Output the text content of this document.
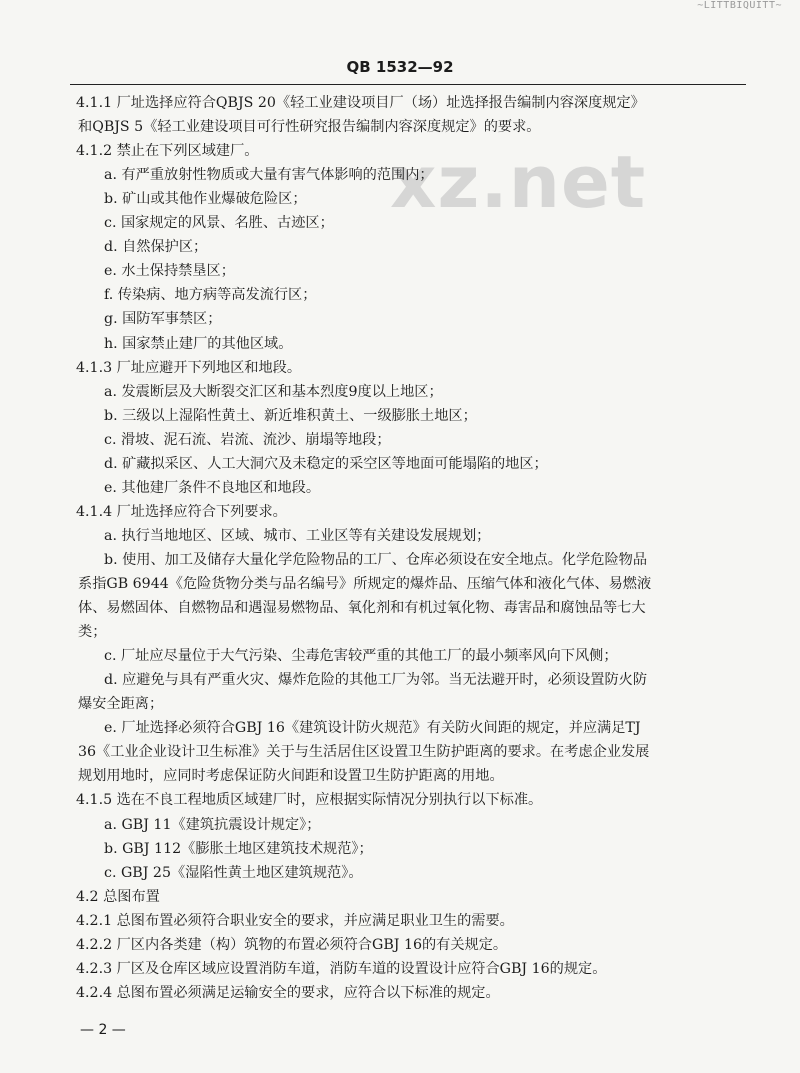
~LITTBIQUITT~
QB 1532—92
xz.net
4.1.1 厂址选择应符合QBJS 20《轻工业建设项目厂（场）址选择报告编制内容深度规定》
和QBJS 5《轻工业建设项目可行性研究报告编制内容深度规定》的要求。
4.1.2 禁止在下列区域建厂。
a. 有严重放射性物质或大量有害气体影响的范围内；
b. 矿山或其他作业爆破危险区；
c. 国家规定的风景、名胜、古迹区；
d. 自然保护区；
e. 水土保持禁垦区；
f. 传染病、地方病等高发流行区；
g. 国防军事禁区；
h. 国家禁止建厂的其他区域。
4.1.3 厂址应避开下列地区和地段。
a. 发震断层及大断裂交汇区和基本烈度9度以上地区；
b. 三级以上湿陷性黄土、新近堆积黄土、一级膨胀土地区；
c. 滑坡、泥石流、岩流、流沙、崩塌等地段；
d. 矿藏拟采区、人工大洞穴及未稳定的采空区等地面可能塌陷的地区；
e. 其他建厂条件不良地区和地段。
4.1.4 厂址选择应符合下列要求。
a. 执行当地地区、区域、城市、工业区等有关建设发展规划；
b. 使用、加工及储存大量化学危险物品的工厂、仓库必须设在安全地点。化学危险物品
系指GB 6944《危险货物分类与品名编号》所规定的爆炸品、压缩气体和液化气体、易燃液
体、易燃固体、自燃物品和遇湿易燃物品、氧化剂和有机过氧化物、毒害品和腐蚀品等七大
类；
c. 厂址应尽量位于大气污染、尘毒危害较严重的其他工厂的最小频率风向下风侧；
d. 应避免与具有严重火灾、爆炸危险的其他工厂为邻。当无法避开时，必须设置防火防
爆安全距离；
e. 厂址选择必须符合GBJ 16《建筑设计防火规范》有关防火间距的规定，并应满足TJ
36《工业企业设计卫生标准》关于与生活居住区设置卫生防护距离的要求。在考虑企业发展
规划用地时，应同时考虑保证防火间距和设置卫生防护距离的用地。
4.1.5 选在不良工程地质区域建厂时，应根据实际情况分别执行以下标准。
a. GBJ 11《建筑抗震设计规定》；
b. GBJ 112《膨胀土地区建筑技术规范》；
c. GBJ 25《湿陷性黄土地区建筑规范》。
4.2 总图布置
4.2.1 总图布置必须符合职业安全的要求，并应满足职业卫生的需要。
4.2.2 厂区内各类建（构）筑物的布置必须符合GBJ 16的有关规定。
4.2.3 厂区及仓库区域应设置消防车道，消防车道的设置设计应符合GBJ 16的规定。
4.2.4 总图布置必须满足运输安全的要求，应符合以下标准的规定。
— 2 —
